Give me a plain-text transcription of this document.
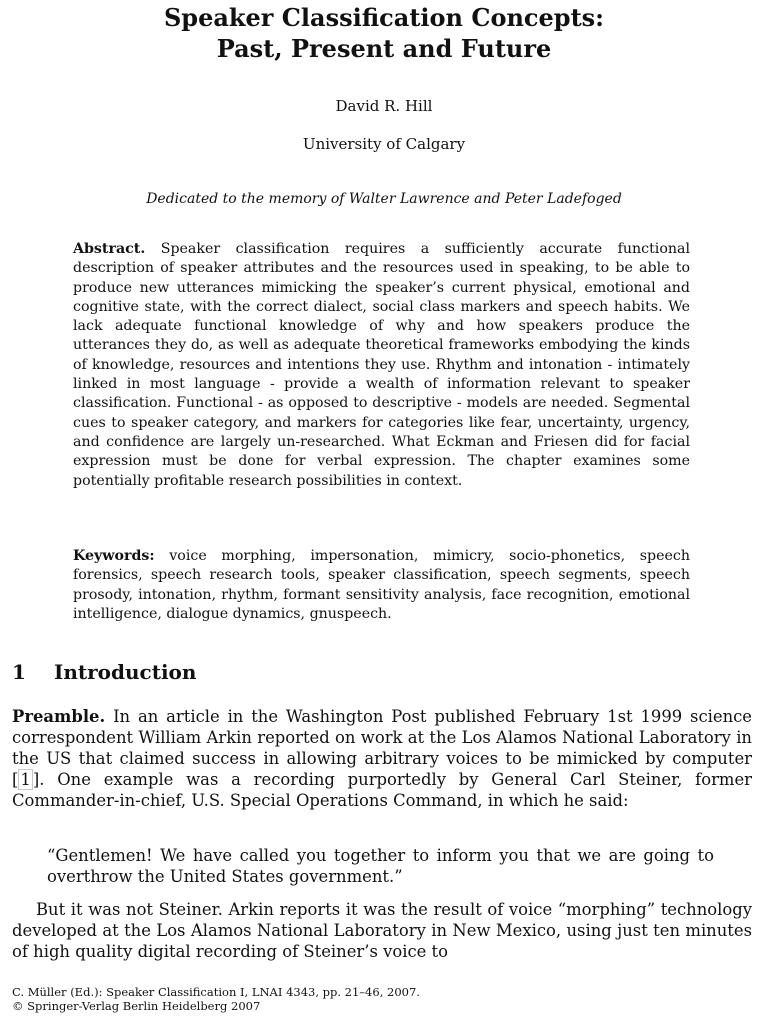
Speaker Classification Concepts:
Past, Present and Future
David R. Hill
University of Calgary
Dedicated to the memory of Walter Lawrence and Peter Ladefoged
Abstract. Speaker classification requires a sufficiently accurate functional description of speaker attributes and the resources used in speaking, to be able to produce new utterances mimicking the speaker’s current physical, emotional and cognitive state, with the correct dialect, social class markers and speech habits. We lack adequate functional knowledge of why and how speakers produce the utterances they do, as well as adequate theoretical frameworks embodying the kinds of knowledge, resources and intentions they use. Rhythm and intonation - intimately linked in most language - provide a wealth of information relevant to speaker classification. Functional - as opposed to descriptive - models are needed. Segmental cues to speaker category, and markers for categories like fear, uncertainty, urgency, and confidence are largely un-researched. What Eckman and Friesen did for facial expression must be done for verbal expression. The chapter examines some potentially profitable research possibilities in context.
Keywords: voice morphing, impersonation, mimicry, socio-phonetics, speech forensics, speech research tools, speaker classification, speech segments, speech prosody, intonation, rhythm, formant sensitivity analysis, face recognition, emotional intelligence, dialogue dynamics, gnuspeech.
1 Introduction
Preamble. In an article in the Washington Post published February 1st 1999 science correspondent William Arkin reported on work at the Los Alamos National Laboratory in the US that claimed success in allowing arbitrary voices to be mimicked by computer [ 1 ]. One example was a recording purportedly by General Carl Steiner, former Commander-in-chief, U.S. Special Operations Command, in which he said:
“Gentlemen! We have called you together to inform you that we are going to overthrow the United States government.”
But it was not Steiner. Arkin reports it was the result of voice “morphing” technology developed at the Los Alamos National Laboratory in New Mexico, using just ten minutes of high quality digital recording of Steiner’s voice to
C. Müller (Ed.): Speaker Classification I, LNAI 4343, pp. 21–46, 2007.
© Springer-Verlag Berlin Heidelberg 2007
